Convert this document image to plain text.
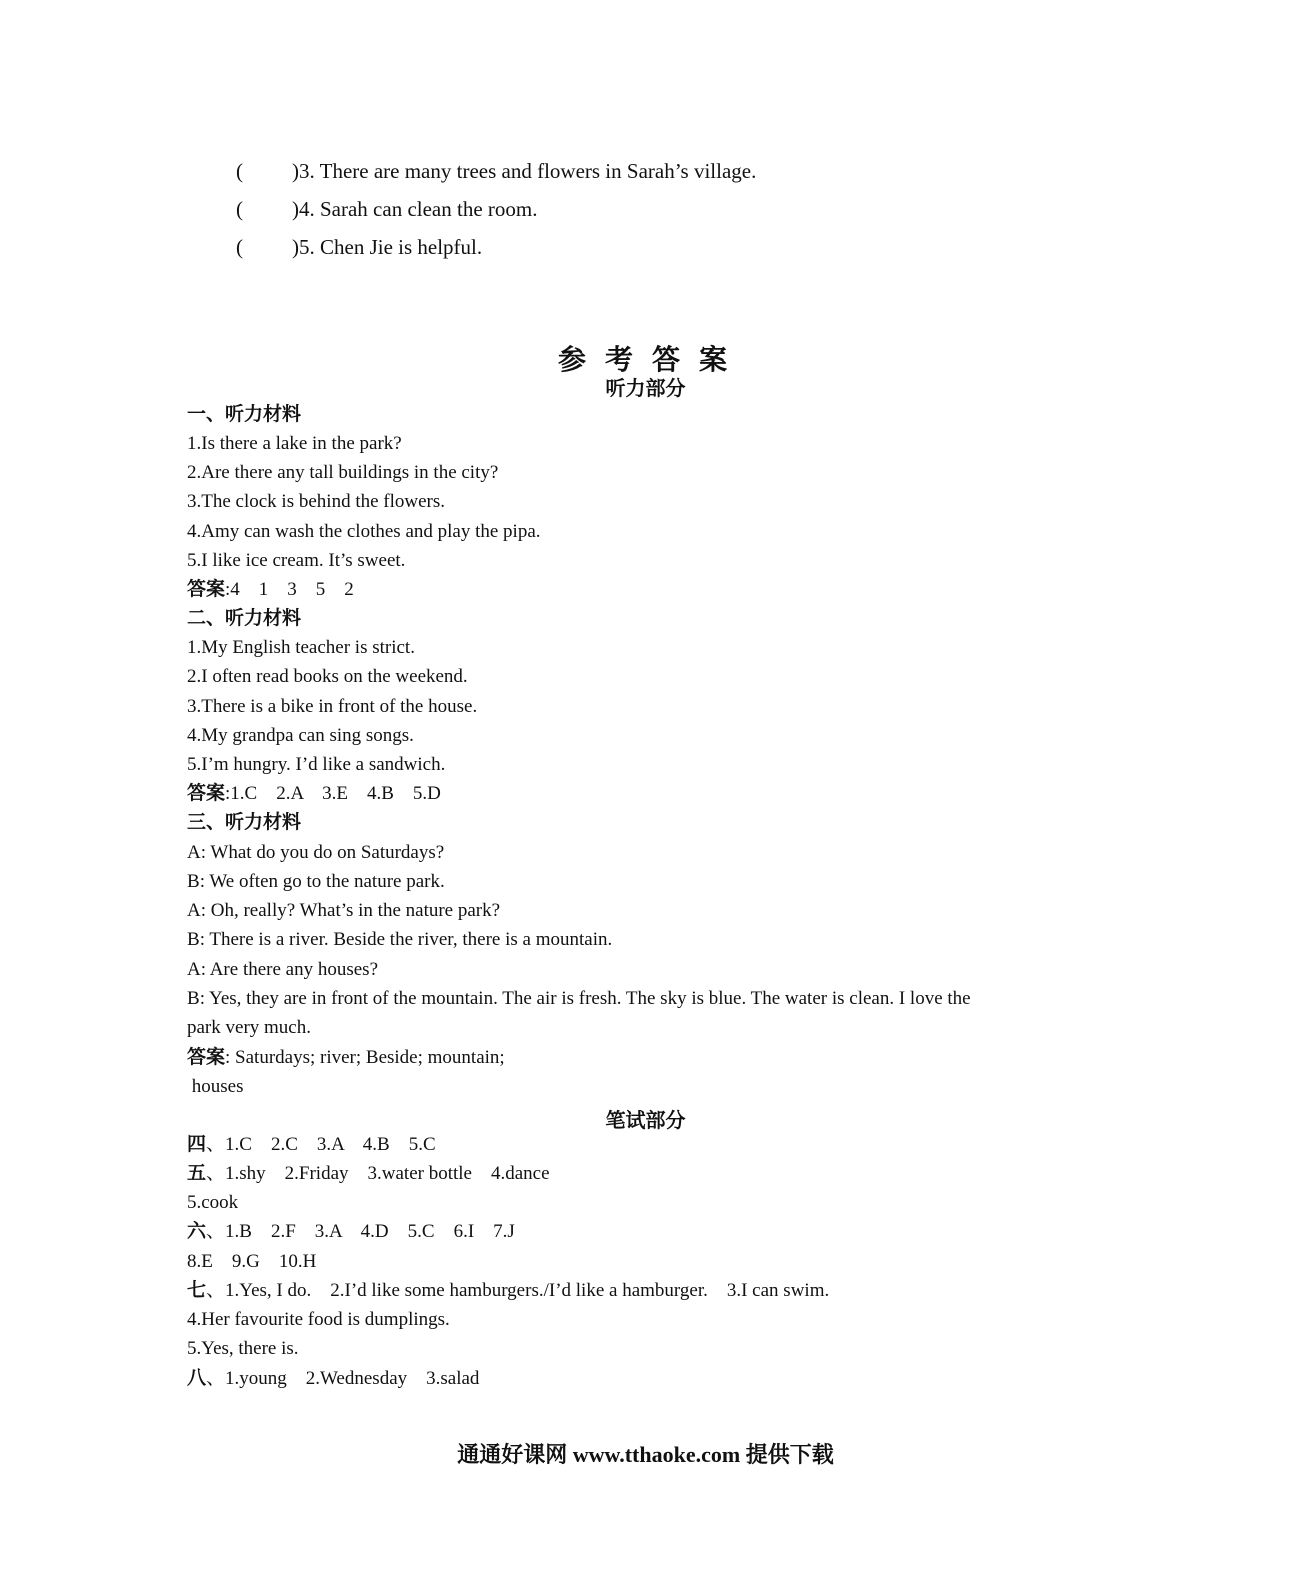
( )3. There are many trees and flowers in Sarah’s village.
( )4. Sarah can clean the room.
( )5. Chen Jie is helpful.
参 考 答 案
听力部分
一、听力材料
1.Is there a lake in the park?
2.Are there any tall buildings in the city?
3.The clock is behind the flowers.
4.Amy can wash the clothes and play the pipa.
5.I like ice cream. It’s sweet.
答案:4    1    3    5    2
二、听力材料
1.My English teacher is strict.
2.I often read books on the weekend.
3.There is a bike in front of the house.
4.My grandpa can sing songs.
5.I’m hungry. I’d like a sandwich.
答案:1.C    2.A    3.E    4.B    5.D
三、听力材料
A: What do you do on Saturdays?
B: We often go to the nature park.
A: Oh, really? What’s in the nature park?
B: There is a river. Beside the river, there is a mountain.
A: Are there any houses?
B: Yes, they are in front of the mountain. The air is fresh. The sky is blue. The water is clean. I love the
park very much.
答案: Saturdays; river; Beside; mountain;
houses
笔试部分
四、1.C    2.C    3.A    4.B    5.C
五、1.shy    2.Friday    3.water bottle    4.dance
5.cook
六、1.B    2.F    3.A    4.D    5.C    6.I    7.J
8.E    9.G    10.H
七、1.Yes, I do.    2.I’d like some hamburgers./I’d like a hamburger.    3.I can swim.
4.Her favourite food is dumplings.
5.Yes, there is.
八、1.young    2.Wednesday    3.salad
通通好课网 www.tthaoke.com 提供下载
